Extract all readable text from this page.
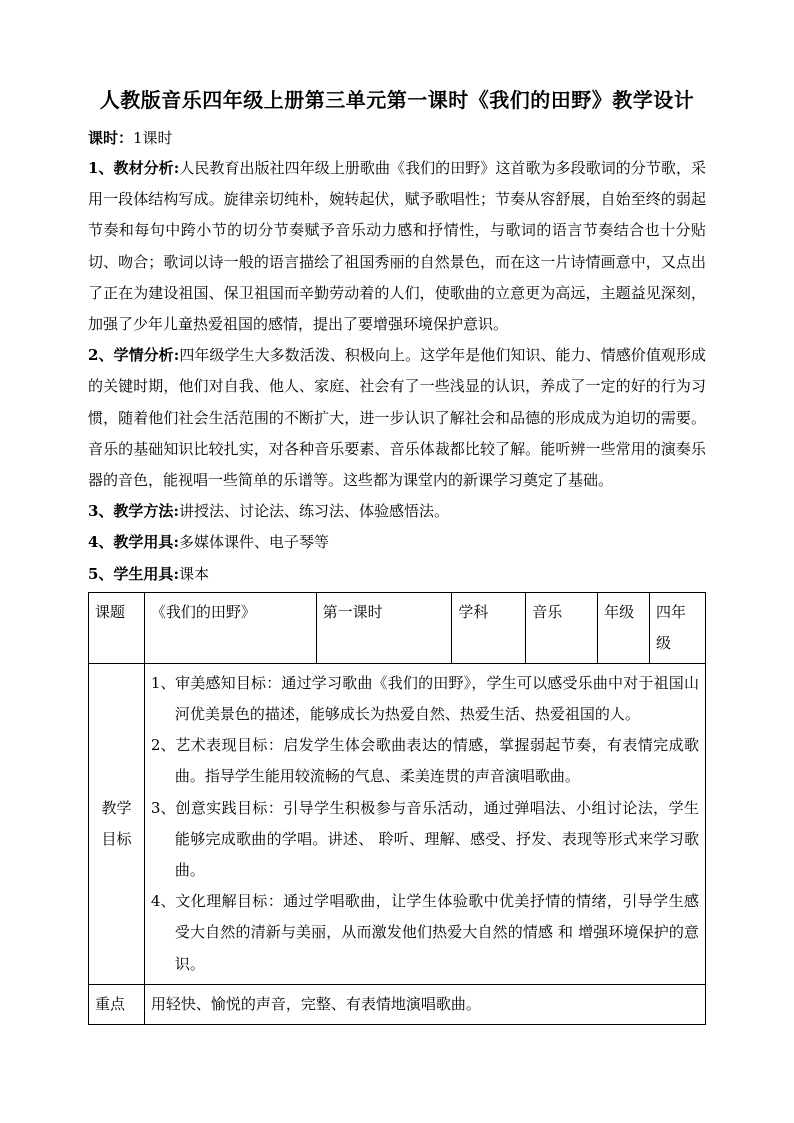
人教版音乐四年级上册第三单元第一课时《我们的田野》教学设计
课时：1课时

1、教材分析:人民教育出版社四年级上册歌曲《我们的田野》这首歌为多段歌词的分节歌，采用一段体结构写成。旋律亲切纯朴，婉转起伏，赋予歌唱性；节奏从容舒展，自始至终的弱起节奏和每句中跨小节的切分节奏赋予音乐动力感和抒情性，与歌词的语言节奏结合也十分贴切、吻合；歌词以诗一般的语言描绘了祖国秀丽的自然景色，而在这一片诗情画意中，又点出了正在为建设祖国、保卫祖国而辛勤劳动着的人们，使歌曲的立意更为高远，主题益见深刻，加强了少年儿童热爱祖国的感情，提出了要增强环境保护意识。

2、学情分析:四年级学生大多数活泼、积极向上。这学年是他们知识、能力、情感价值观形成的关键时期，他们对自我、他人、家庭、社会有了一些浅显的认识，养成了一定的好的行为习惯，随着他们社会生活范围的不断扩大，进一步认识了解社会和品德的形成成为迫切的需要。音乐的基础知识比较扎实，对各种音乐要素、音乐体裁都比较了解。能听辨一些常用的演奏乐器的音色，能视唱一些简单的乐谱等。这些都为课堂内的新课学习奠定了基础。

3、教学方法:讲授法、讨论法、练习法、体验感悟法。

4、教学用具:多媒体课件、电子琴等

5、学生用具:课本

课题	《我们的田野》	第一课时	学科	音乐	年级	四年级
教学目标	1、审美感知目标：通过学习歌曲《我们的田野》，学生可以感受乐曲中对于祖国山河优美景色的描述，能够成长为热爱自然、热爱生活、热爱祖国的人。

2、艺术表现目标：启发学生体会歌曲表达的情感，掌握弱起节奏，有表情完成歌曲。指导学生能用较流畅的气息、柔美连贯的声音演唱歌曲。

3、创意实践目标：引导学生积极参与音乐活动，通过弹唱法、小组讨论法，学生能够完成歌曲的学唱。讲述、 聆听、理解、感受、抒发、表现等形式来学习歌曲。

4、文化理解目标：通过学唱歌曲，让学生体验歌中优美抒情的情绪，引导学生感受大自然的清新与美丽，从而激发他们热爱大自然的情感 和 增强环境保护的意识。					

重点	用轻快、愉悦的声音，完整、有表情地演唱歌曲。					
